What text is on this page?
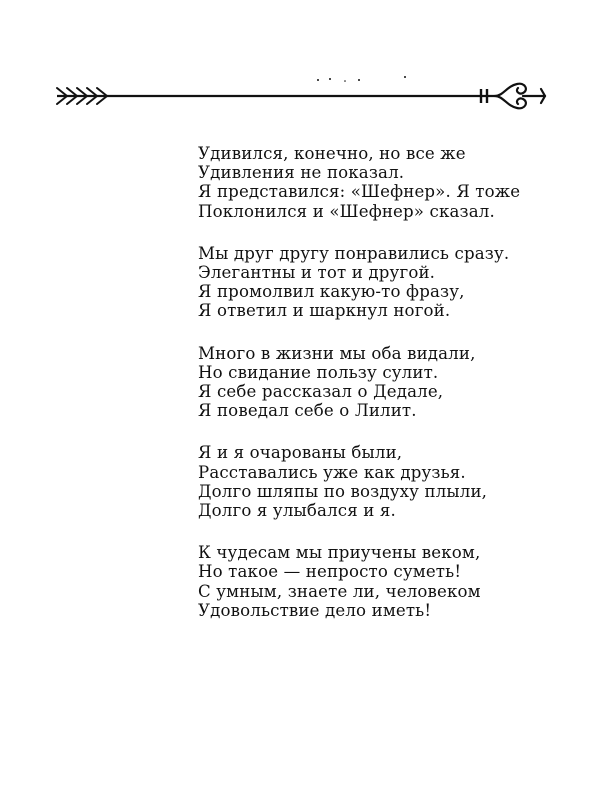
Удивился, конечно, но все же
Удивления не показал.
Я представился: «Шефнер». Я тоже
Поклонился и «Шефнер» сказал.
Мы друг другу понравились сразу.
Элегантны и тот и другой.
Я промолвил какую-то фразу,
Я ответил и шаркнул ногой.
Много в жизни мы оба видали,
Но свидание пользу сулит.
Я себе рассказал о Дедале,
Я поведал себе о Лилит.
Я и я очарованы были,
Расставались уже как друзья.
Долго шляпы по воздуху плыли,
Долго я улыбался и я.
К чудесам мы приучены веком,
Но такое — непросто суметь!
С умным, знаете ли, человеком
Удовольствие дело иметь!
